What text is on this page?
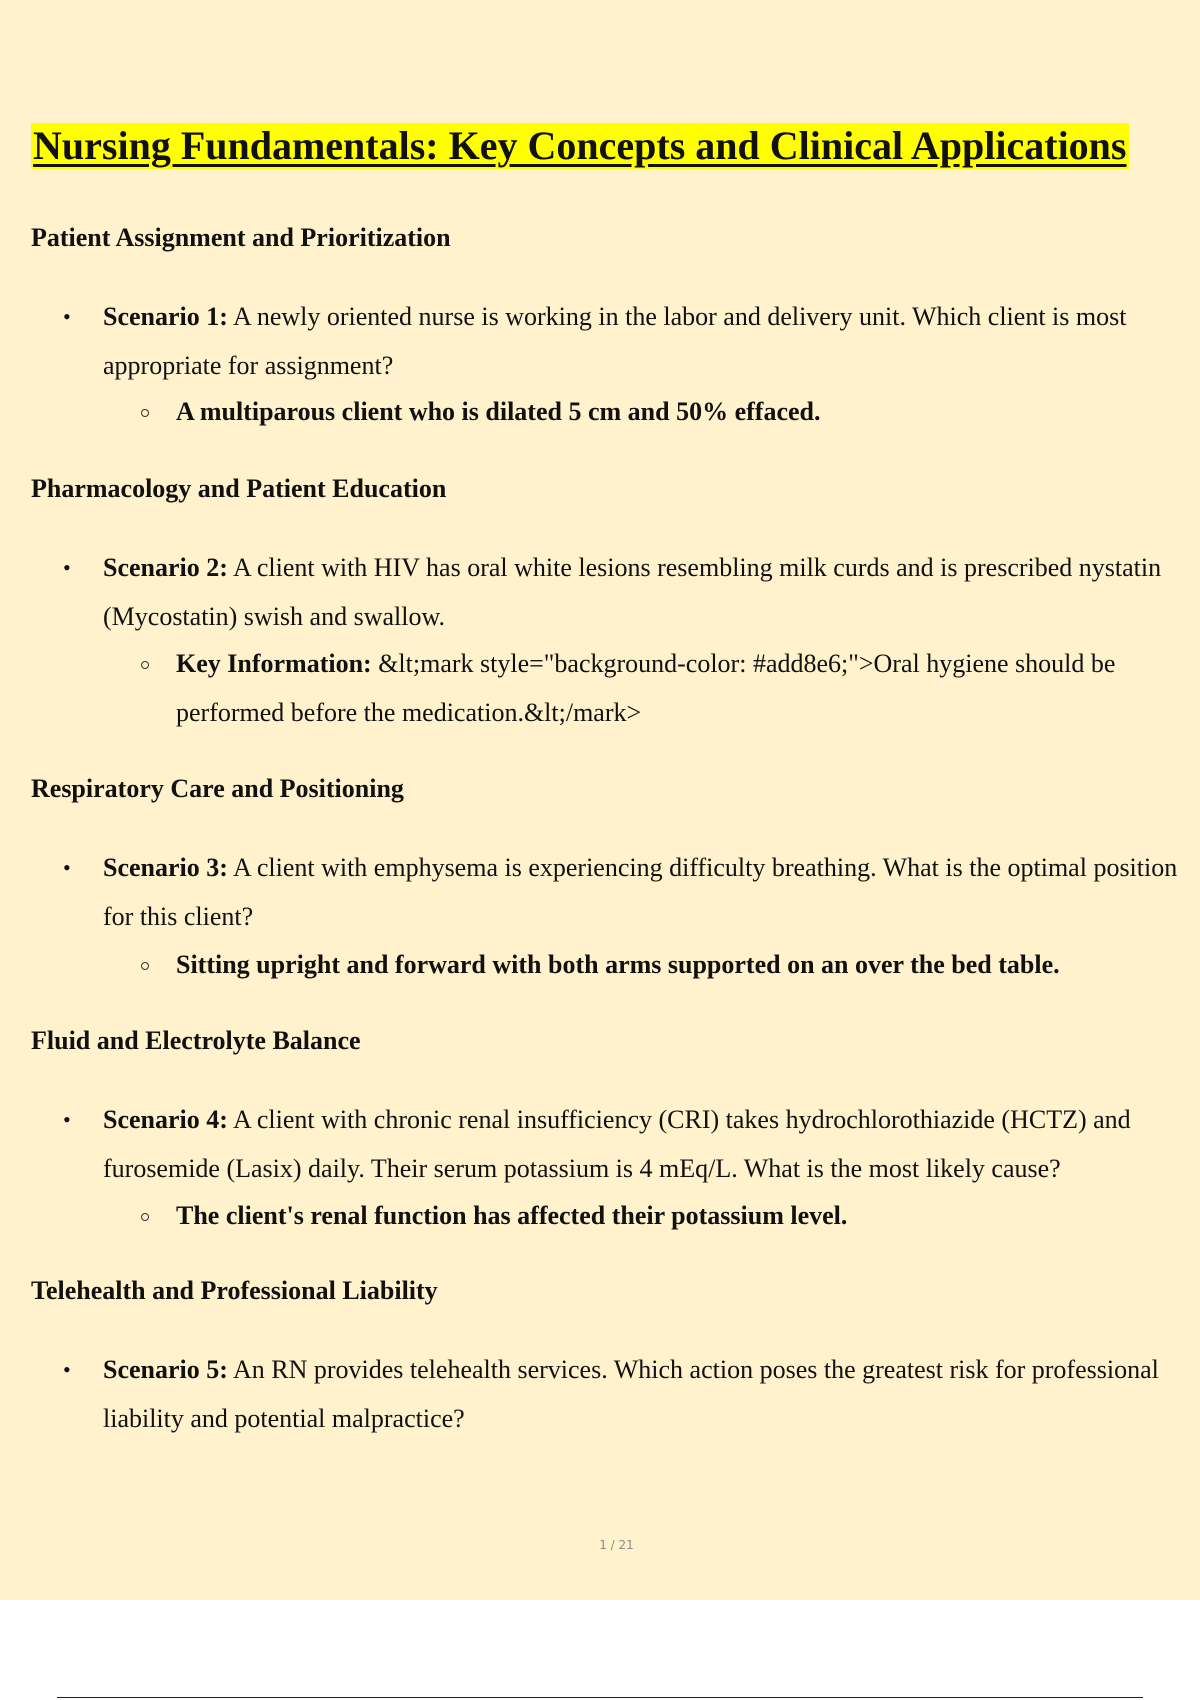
Nursing Fundamentals: Key Concepts and Clinical Applications
Patient Assignment and Prioritization

• Scenario 1: A newly oriented nurse is working in the labor and delivery unit. Which client is most appropriate for assignment?

A multiparous client who is dilated 5 cm and 50% effaced.

Pharmacology and Patient Education

• Scenario 2: A client with HIV has oral white lesions resembling milk curds and is prescribed nystatin (Mycostatin) swish and swallow.

Key Information: &lt;mark style="background-color: #add8e6;">Oral hygiene should be performed before the medication.&lt;/mark>

Respiratory Care and Positioning

• Scenario 3: A client with emphysema is experiencing difficulty breathing. What is the optimal position for this client?

Sitting upright and forward with both arms supported on an over the bed table.

Fluid and Electrolyte Balance

• Scenario 4: A client with chronic renal insufficiency (CRI) takes hydrochlorothiazide (HCTZ) and furosemide (Lasix) daily. Their serum potassium is 4 mEq/L. What is the most likely cause?

The client's renal function has affected their potassium level.

Telehealth and Professional Liability

• Scenario 5: An RN provides telehealth services. Which action poses the greatest risk for professional liability and potential malpractice?

1 / 21
